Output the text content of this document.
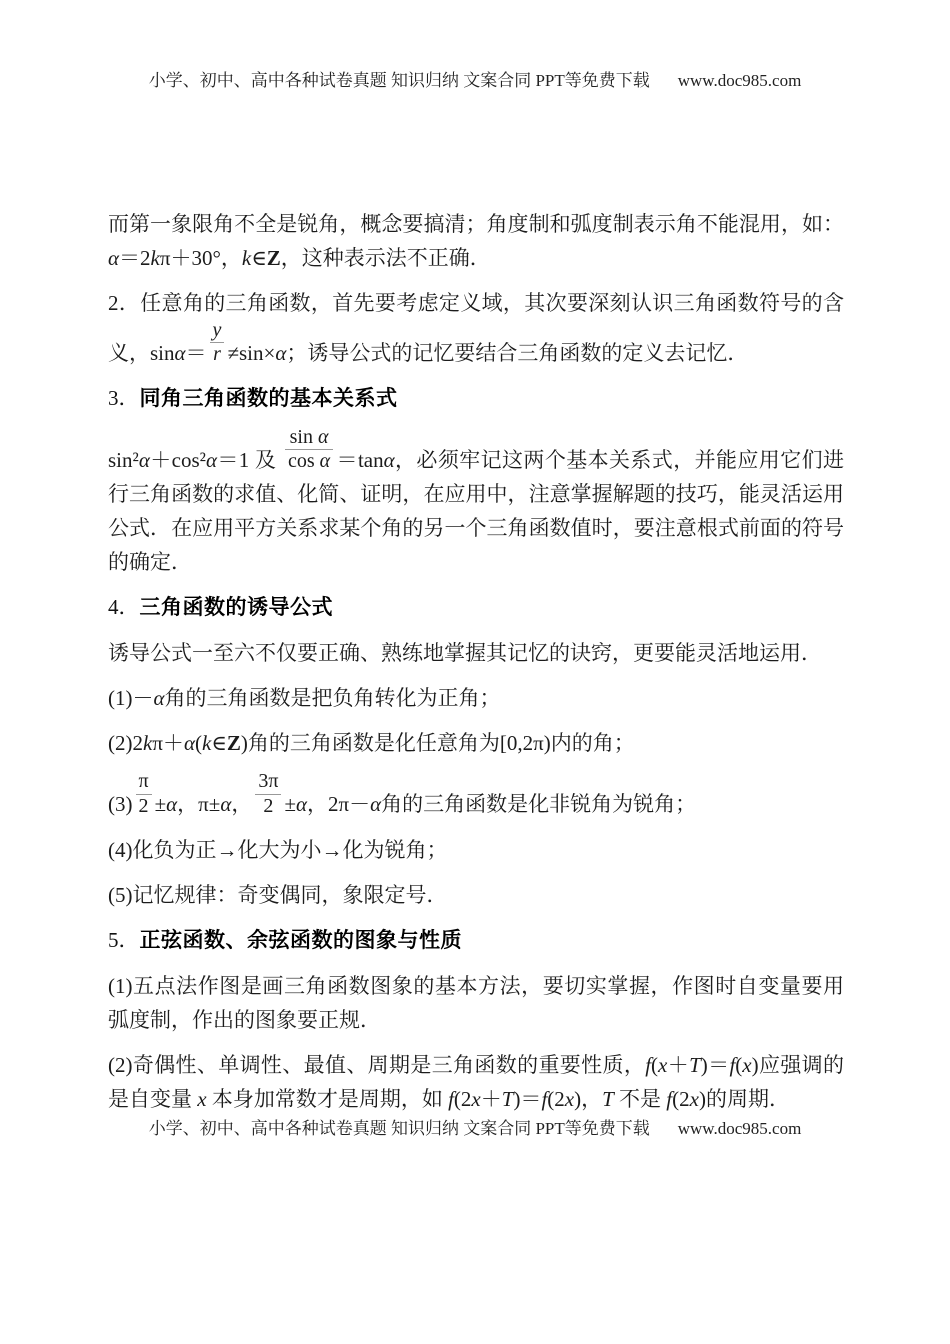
小学、初中、高中各种试卷真题 知识归纳 文案合同 PPT等免费下载 www.doc985.com

而第一象限角不全是锐角，概念要搞清；角度制和弧度制表示角不能混用，如：α＝2kπ＋30°，k∈Z，这种表示法不正确．

2．任意角的三角函数，首先要考虑定义域，其次要深刻认识三角函数符号的含义，$\sin\alpha= \frac{y}{r} \ne\sin\times\alpha$；诱导公式的记忆要结合三角函数的定义去记忆．

3．同角三角函数的基本关系式

sin²α＋cos²α＝1 及 $\frac{\text{sin α}}{\text{cos α}} =\tan\alpha$，必须牢记这两个基本关系式，并能应用它们进行三角函数的求值、化简、证明，在应用中，注意掌握解题的技巧，能灵活运用公式．在应用平方关系求某个角的另一个三角函数值时，要注意根式前面的符号的确定．

4．三角函数的诱导公式

诱导公式一至六不仅要正确、熟练地掌握其记忆的诀窍，更要能灵活地运用．

(1)－α角的三角函数是把负角转化为正角；

(2)2kπ＋α(k∈Z)角的三角函数是化任意角为[0,2π)内的角；

$(3) \frac{\pi}{2} \pm\alpha$，π±α， $\frac{3\pi}{2} \pm\alpha$，2π－α角的三角函数是化非锐角为锐角；

(4)化负为正→化大为小→化为锐角；

(5)记忆规律：奇变偶同，象限定号．

5．正弦函数、余弦函数的图象与性质

(1)五点法作图是画三角函数图象的基本方法，要切实掌握，作图时自变量要用弧度制，作出的图象要正规．

(2)奇偶性、单调性、最值、周期是三角函数的重要性质，f(x＋T)＝f(x)应强调的是自变量 x 本身加常数才是周期，如 f(2x＋T)＝f(2x)，T 不是 f(2x)的周期．

小学、初中、高中各种试卷真题 知识归纳 文案合同 PPT等免费下载 www.doc985.com
